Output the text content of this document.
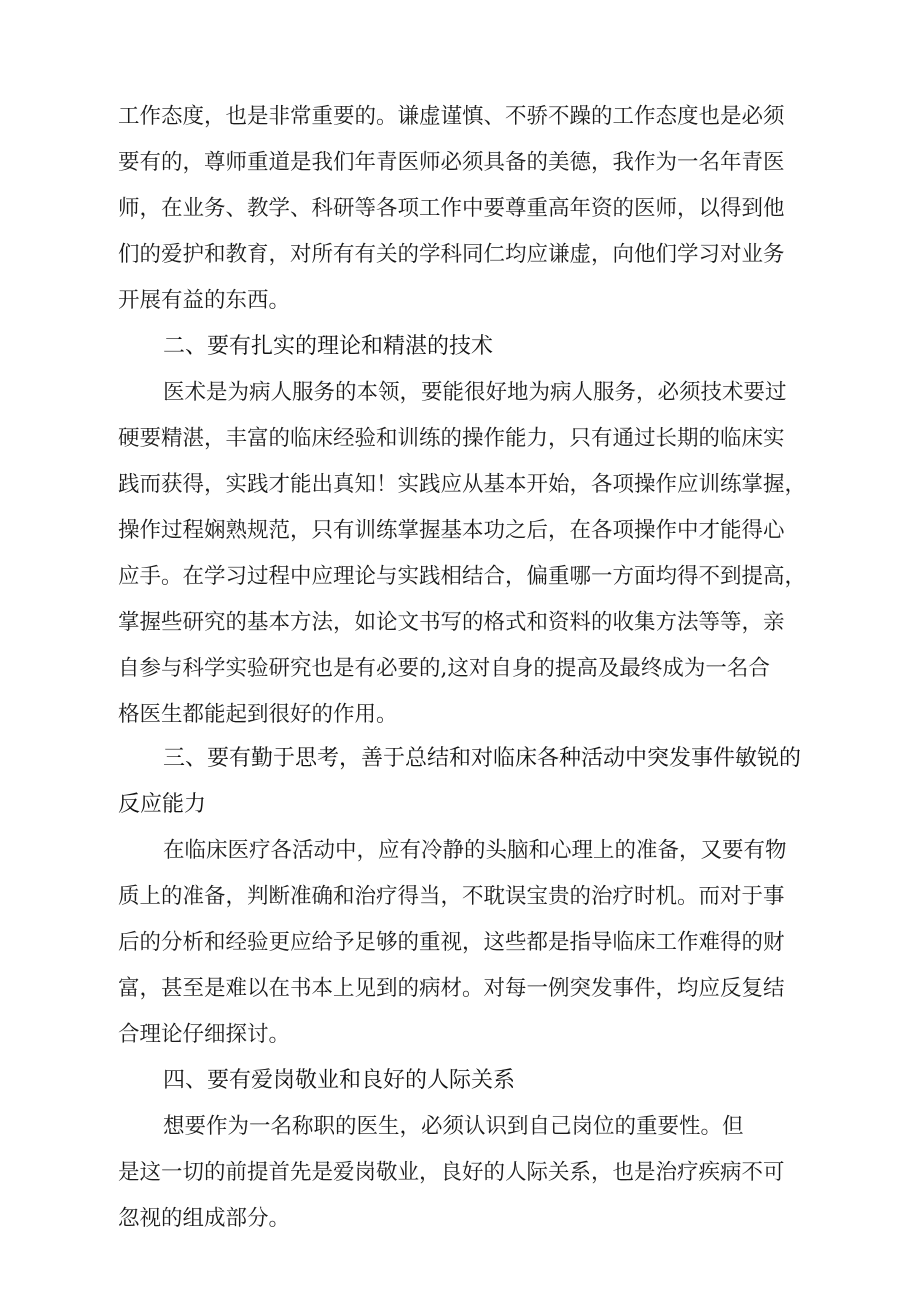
工作态度，也是非常重要的。谦虚谨慎、不骄不躁的工作态度也是必须
要有的，尊师重道是我们年青医师必须具备的美德，我作为一名年青医
师，在业务、教学、科研等各项工作中要尊重高年资的医师，以得到他
们的爱护和教育，对所有有关的学科同仁均应谦虚，向他们学习对业务
开展有益的东西。
二、要有扎实的理论和精湛的技术
医术是为病人服务的本领，要能很好地为病人服务，必须技术要过
硬要精湛，丰富的临床经验和训练的操作能力，只有通过长期的临床实
践而获得，实践才能出真知！实践应从基本开始，各项操作应训练掌握，
操作过程娴熟规范，只有训练掌握基本功之后，在各项操作中才能得心
应手。在学习过程中应理论与实践相结合，偏重哪一方面均得不到提高，
掌握些研究的基本方法，如论文书写的格式和资料的收集方法等等，亲
自参与科学实验研究也是有必要的,这对自身的提高及最终成为一名合
格医生都能起到很好的作用。
三、要有勤于思考，善于总结和对临床各种活动中突发事件敏锐的
反应能力
在临床医疗各活动中，应有冷静的头脑和心理上的准备，又要有物
质上的准备，判断准确和治疗得当，不耽误宝贵的治疗时机。而对于事
后的分析和经验更应给予足够的重视，这些都是指导临床工作难得的财
富，甚至是难以在书本上见到的病材。对每一例突发事件，均应反复结
合理论仔细探讨。
四、要有爱岗敬业和良好的人际关系
想要作为一名称职的医生，必须认识到自己岗位的重要性。但
是这一切的前提首先是爱岗敬业，良好的人际关系，也是治疗疾病不可
忽视的组成部分。
